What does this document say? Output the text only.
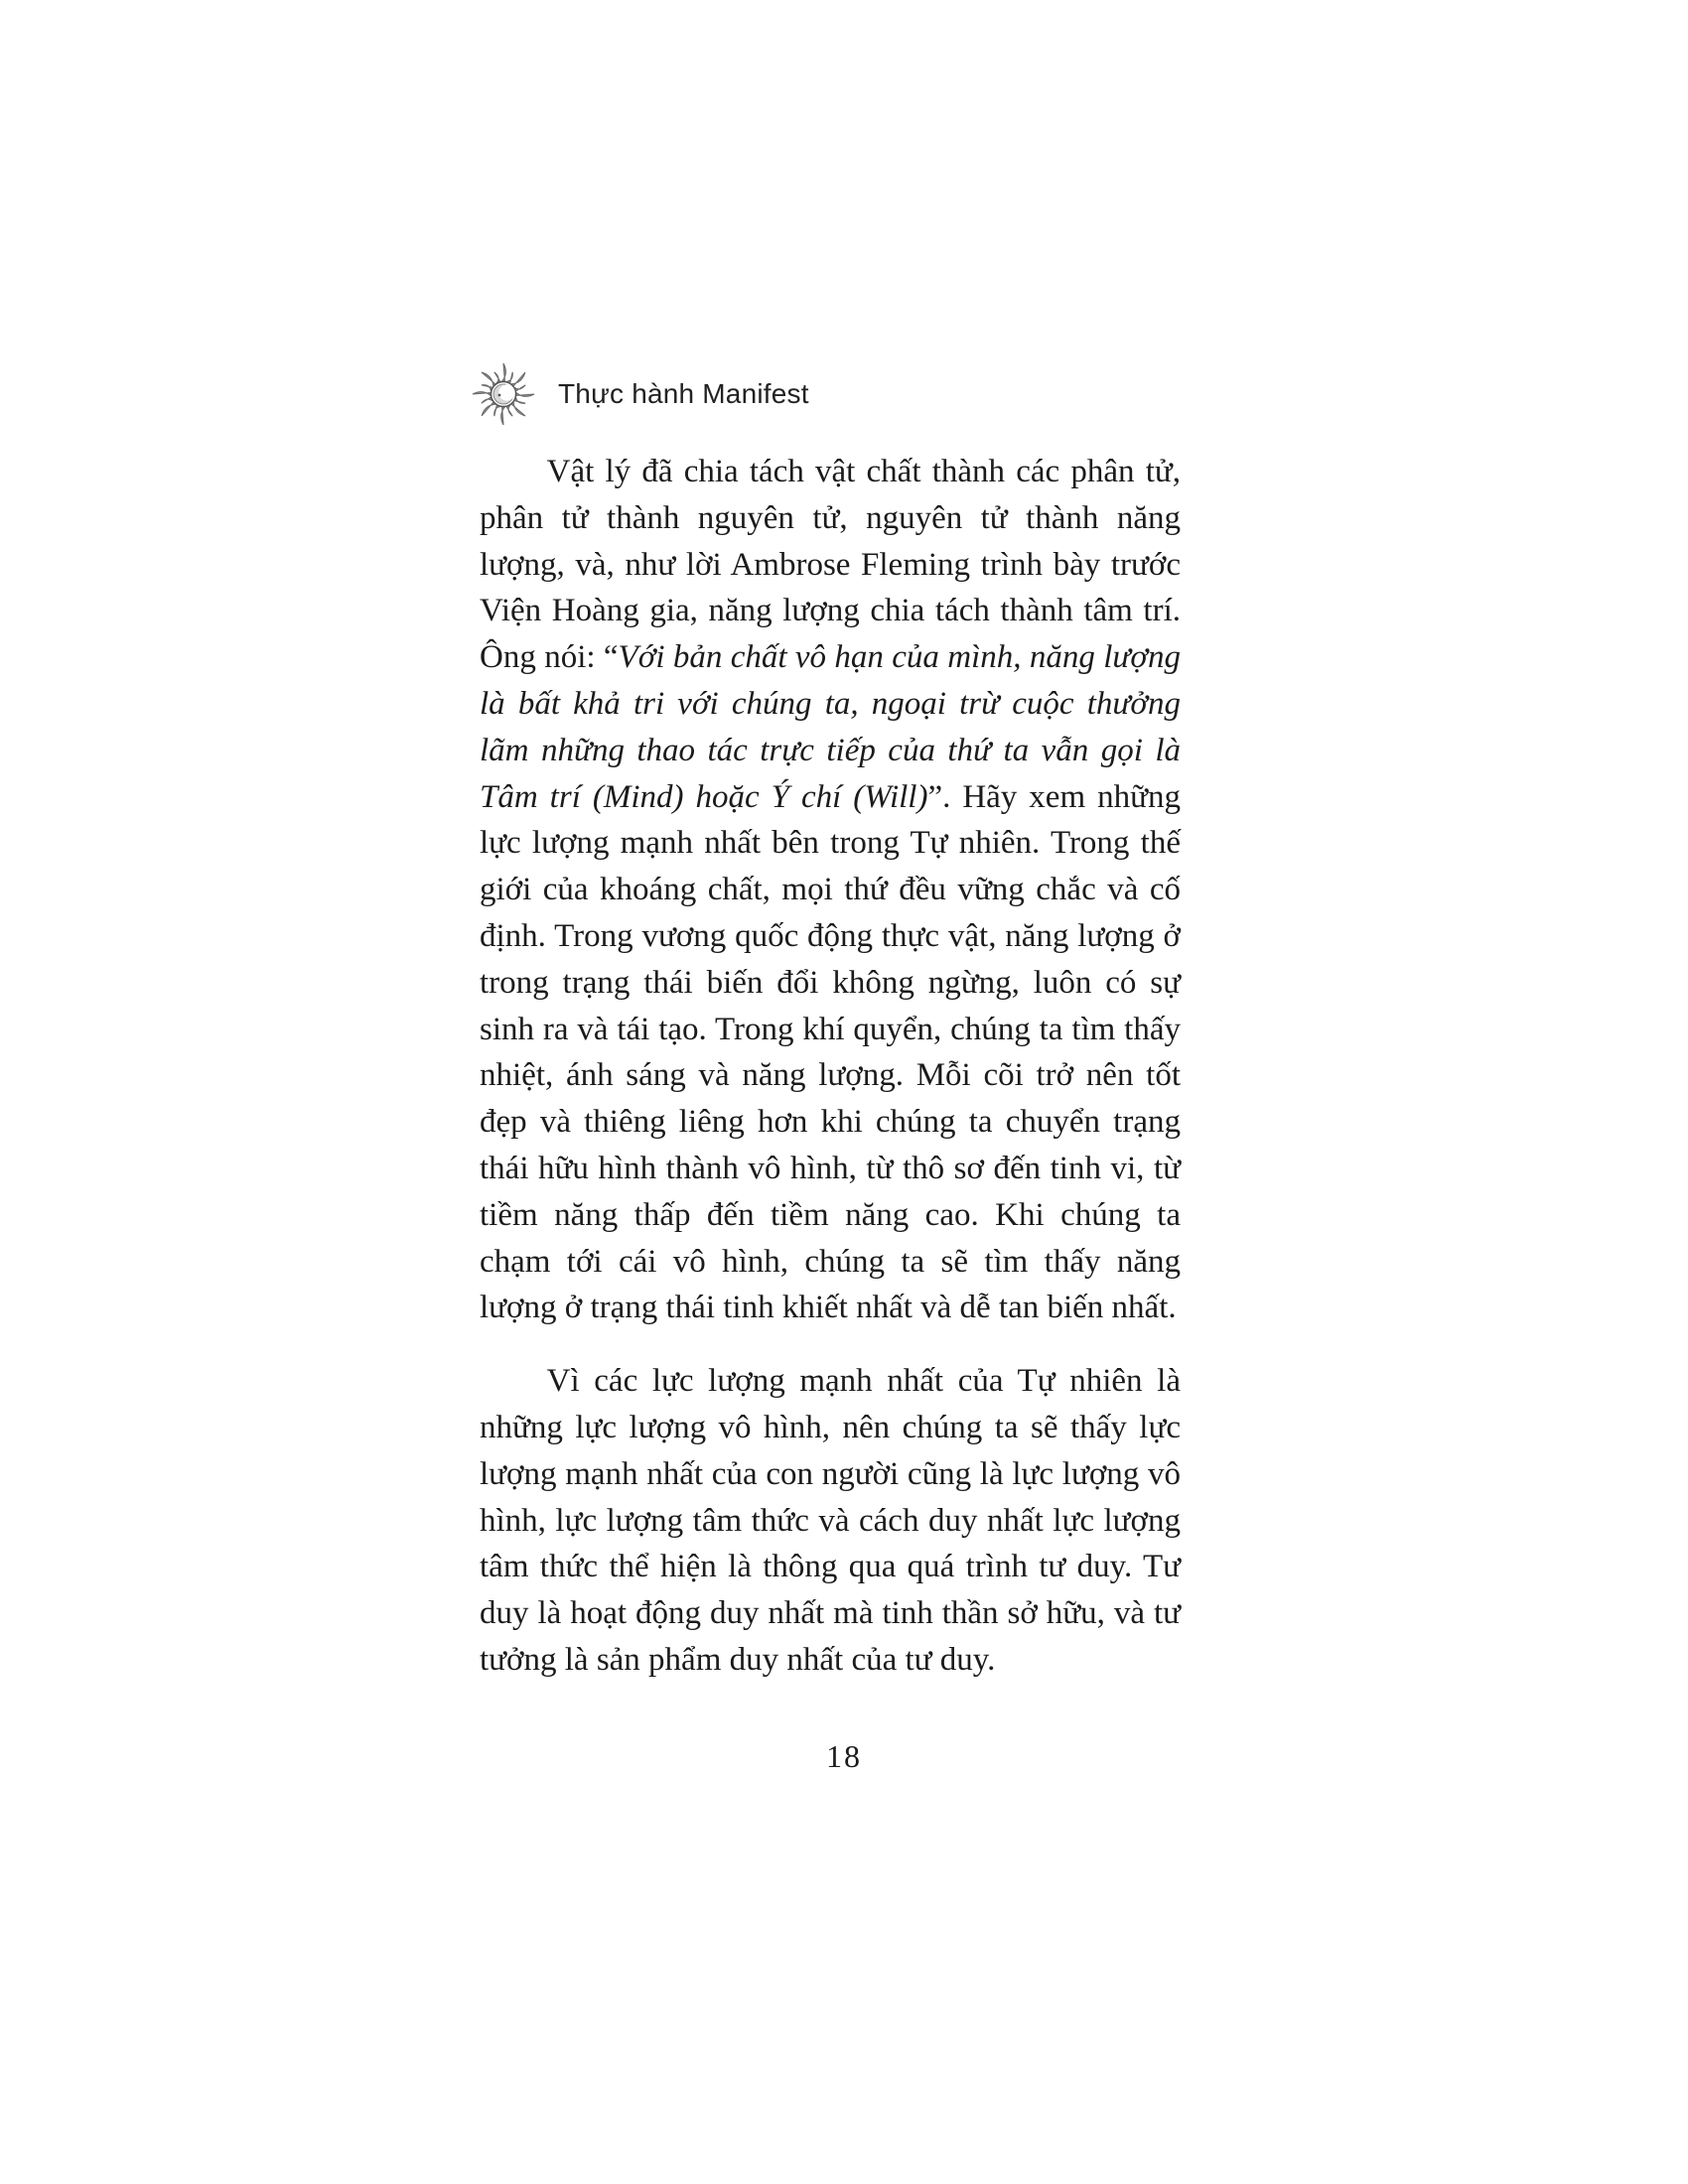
Thực hành Manifest

Vật lý đã chia tách vật chất thành các phân tử, phân tử thành nguyên tử, nguyên tử thành năng lượng, và, như lời Ambrose Fleming trình bày trước Viện Hoàng gia, năng lượng chia tách thành tâm trí. Ông nói: “Với bản chất vô hạn của mình, năng lượng là bất khả tri với chúng ta, ngoại trừ cuộc thưởng lãm những thao tác trực tiếp của thứ ta vẫn gọi là Tâm trí (Mind) hoặc Ý chí (Will)”. Hãy xem những lực lượng mạnh nhất bên trong Tự nhiên. Trong thế giới của khoáng chất, mọi thứ đều vững chắc và cố định. Trong vương quốc động thực vật, năng lượng ở trong trạng thái biến đổi không ngừng, luôn có sự sinh ra và tái tạo. Trong khí quyển, chúng ta tìm thấy nhiệt, ánh sáng và năng lượng. Mỗi cõi trở nên tốt đẹp và thiêng liêng hơn khi chúng ta chuyển trạng thái hữu hình thành vô hình, từ thô sơ đến tinh vi, từ tiềm năng thấp đến tiềm năng cao. Khi chúng ta chạm tới cái vô hình, chúng ta sẽ tìm thấy năng lượng ở trạng thái tinh khiết nhất và dễ tan biến nhất.

Vì các lực lượng mạnh nhất của Tự nhiên là những lực lượng vô hình, nên chúng ta sẽ thấy lực lượng mạnh nhất của con người cũng là lực lượng vô hình, lực lượng tâm thức và cách duy nhất lực lượng tâm thức thể hiện là thông qua quá trình tư duy. Tư duy là hoạt động duy nhất mà tinh thần sở hữu, và tư tưởng là sản phẩm duy nhất của tư duy.

18
